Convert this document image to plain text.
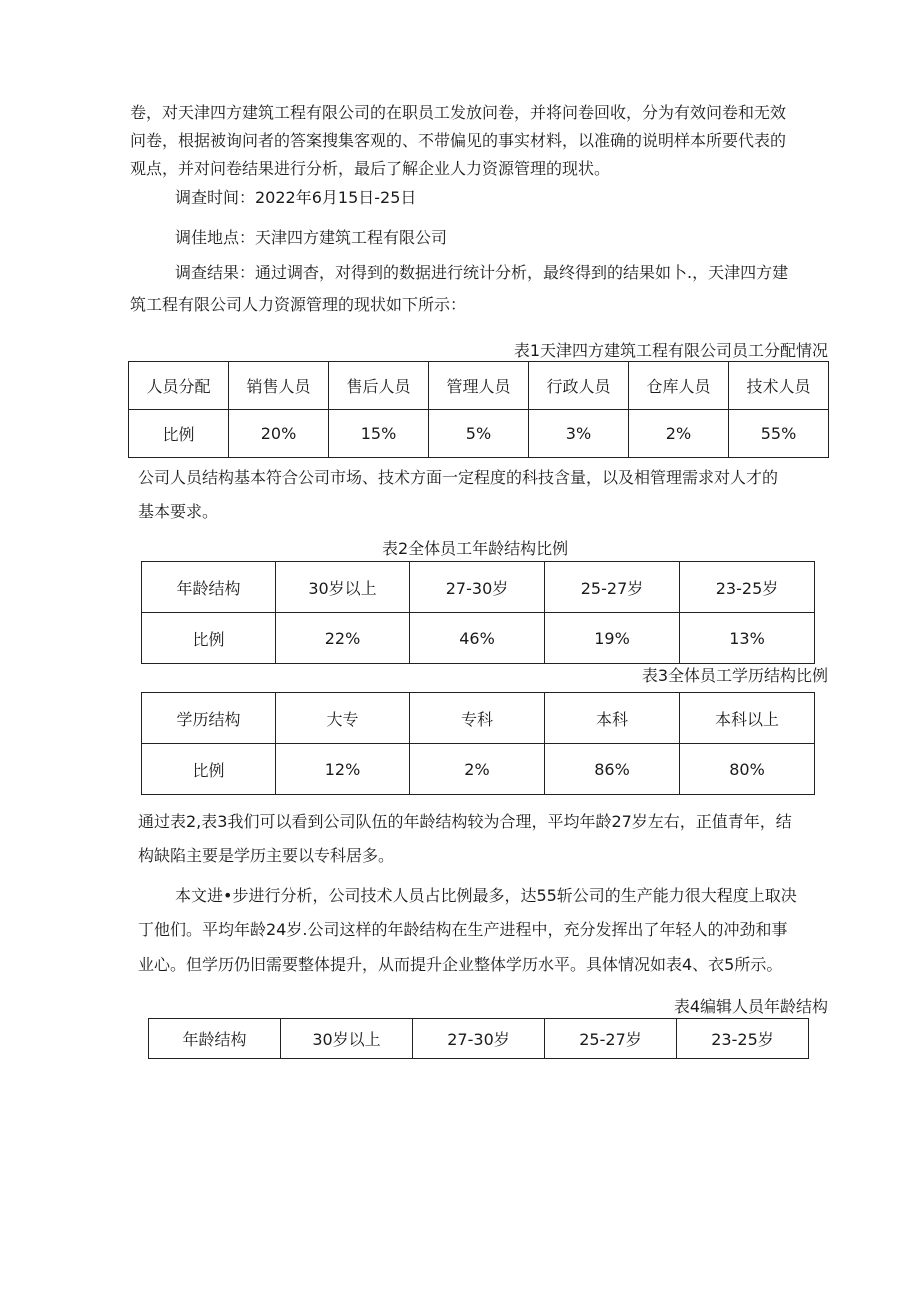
卷，对天津四方建筑工程有限公司的在职员工发放问卷，并将问卷回收，分为有效问卷和无效
问卷，根据被询问者的答案搜集客观的、不带偏见的事实材料，以准确的说明样本所要代表的
观点，并对问卷结果进行分析，最后了解企业人力资源管理的现状。
调查时间：2022年6月15日-25日
调佳地点：天津四方建筑工程有限公司
调查结果：通过调杳，对得到的数据进行统计分析，最终得到的结果如卜.，天津四方建
筑工程有限公司人力资源管理的现状如下所示：
表1天津四方建筑工程有限公司员工分配情况
人员分配	销售人员	售后人员	管理人员	行政人员	仓库人员	技术人员
比例	20%	15%	5%	3%	2%	55%
公司人员结构基本符合公司市场、技术方面一定程度的科技含量，以及相管理需求对人才的
基本要求。
表2全体员工年龄结构比例
年龄结构	30岁以上	27-30岁	25-27岁	23-25岁
比例	22%	46%	19%	13%
表3全体员工学历结构比例
学历结构	大专	专科	本科	本科以上
比例	12%	2%	86%	80%
通过表2,表3我们可以看到公司队伍的年龄结构较为合理，平均年龄27岁左右，正值青年，结
构缺陷主要是学历主要以专科居多。
本文进•步进行分析，公司技术人员占比例最多，达55斩公司的生产能力很大程度上取决
丁他们。平均年龄24岁.公司这样的年龄结构在生产进程中，充分发挥出了年轻人的冲劲和事
业心。但学历仍旧需要整体提升，从而提升企业整体学历水平。具体情况如表4、衣5所示。
表4编辑人员年龄结构
年龄结构	30岁以上	27-30岁	25-27岁	23-25岁
